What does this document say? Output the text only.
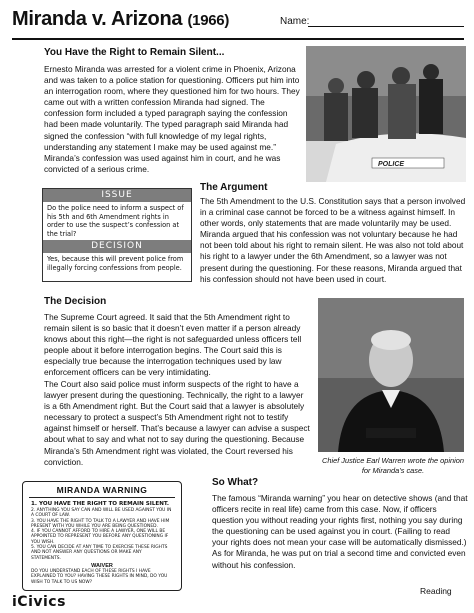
Miranda v. Arizona (1966)	Name:
You Have the Right to Remain Silent...

Ernesto Miranda was arrested for a violent crime in Phoenix, Arizona and was taken to a police station for questioning. Officers put him into an interrogation room, where they questioned him for two hours. They came out with a written confession Miranda had signed. The confession form included a typed paragraph saying the confession had been made voluntarily. The typed paragraph said Miranda had signed the confession “with full knowledge of my legal rights, understanding any statement I make may be used against me.” Miranda’s confession was used against him in court, and he was convicted of a serious crime.	POLICE
ISSUE
Do the police need to inform a suspect of his 5th and 6th Amendment rights in order to use the suspect’s confession at the trial?
DECISION
Yes, because this will prevent police from illegally forcing confessions from people.
The Argument

The 5th Amendment to the U.S. Constitution says that a person involved in a criminal case cannot be forced to be a witness against himself. In other words, only statements that are made voluntarily may be used. Miranda argued that his confession was not voluntary because he had not been told about his right to remain silent. He was also not told about his right to a lawyer under the 6th Amendment, so a lawyer was not present during the questioning. For these reasons, Miranda argued that his confession should not have been used in court.

The Decision

The Supreme Court agreed. It said that the 5th Amendment right to remain silent is so basic that it doesn’t even matter if a person already knows about this right—the right is not safeguarded unless officers tell people about it before interrogation begins. The Court said this is especially true because the interrogation techniques used by law enforcement officers can be very intimidating.

The Court also said police must inform suspects of the right to have a lawyer present during the questioning. Technically, the right to a lawyer is a 6th Amendment right. But the Court said that a lawyer is absolutely necessary to protect a suspect’s 5th Amendment right not to testify against himself or herself. That’s because a lawyer can advise a suspect about what to say and what not to say during the questioning. Because Miranda’s 5th Amendment right was violated, the Court reversed his conviction.	Chief Justice Earl Warren wrote the opinion for Miranda’s case.
MIRANDA WARNING
1. YOU HAVE THE RIGHT TO REMAIN SILENT.
2. ANYTHING YOU SAY CAN AND WILL BE USED AGAINST YOU IN A COURT OF LAW.
3. YOU HAVE THE RIGHT TO TALK TO A LAWYER AND HAVE HIM PRESENT WITH YOU WHILE YOU ARE BEING QUESTIONED.
4. IF YOU CANNOT AFFORD TO HIRE A LAWYER, ONE WILL BE APPOINTED TO REPRESENT YOU BEFORE ANY QUESTIONING IF YOU WISH.
5. YOU CAN DECIDE AT ANY TIME TO EXERCISE THESE RIGHTS AND NOT ANSWER ANY QUESTIONS OR MAKE ANY STATEMENTS.
WAIVER
DO YOU UNDERSTAND EACH OF THESE RIGHTS I HAVE EXPLAINED TO YOU? HAVING THESE RIGHTS IN MIND, DO YOU WISH TO TALK TO US NOW?
So What?

The famous “Miranda warning” you hear on detective shows (and that officers recite in real life) came from this case. Now, if officers question you without reading your rights first, nothing you say during the questioning can be used against you in court. (Failing to read your rights does not mean your case will be automatically dismissed.) As for Miranda, he was put on trial a second time and convicted even without his confession.

iCivics
Reading
